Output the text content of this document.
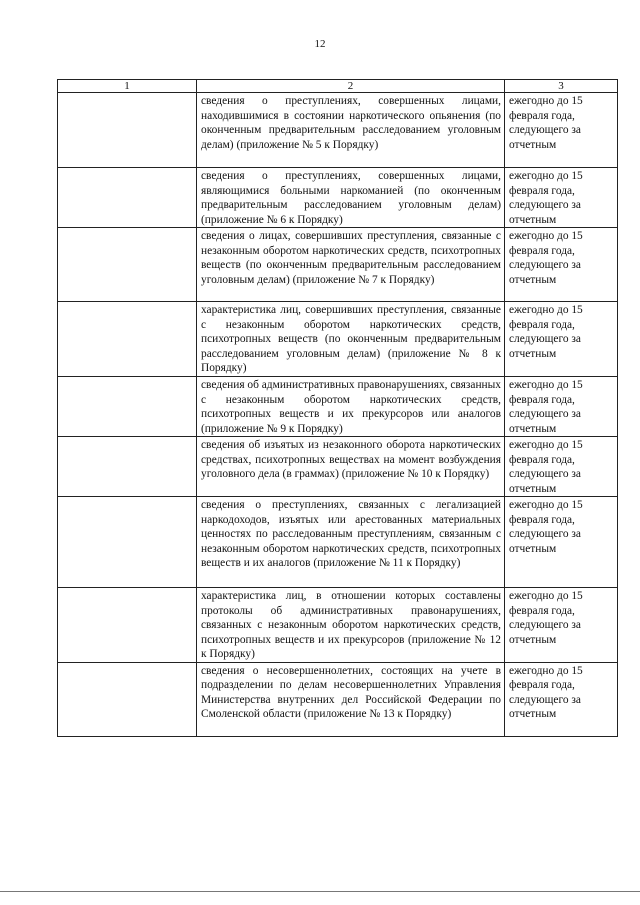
12
1	2	3
	сведения о преступлениях, совершенных лицами, находившимися в состоянии наркотического опьянения (по оконченным предварительным расследованием уголовным делам) (приложение № 5 к Порядку)	ежегодно до 15 февраля года, следующего за отчетным
	сведения о преступлениях, совершенных лицами, являющимися больными наркоманией (по оконченным предварительным расследованием уголовным делам) (приложение № 6 к Порядку)	ежегодно до 15 февраля года, следующего за отчетным
	сведения о лицах, совершивших преступления, связанные с незаконным оборотом наркотических средств, психотропных веществ (по оконченным предварительным расследованием уголовным делам) (приложение № 7 к Порядку)	ежегодно до 15 февраля года, следующего за отчетным
	характеристика лиц, совершивших преступления, связанные с незаконным оборотом наркотических средств, психотропных веществ (по оконченным предварительным расследованием уголовным делам) (приложение № 8 к Порядку)	ежегодно до 15 февраля года, следующего за отчетным
	сведения об административных правонарушениях, связанных с незаконным оборотом наркотических средств, психотропных веществ и их прекурсоров или аналогов (приложение № 9 к Порядку)	ежегодно до 15 февраля года, следующего за отчетным
	сведения об изъятых из незаконного оборота наркотических средствах, психотропных веществах на момент возбуждения уголовного дела (в граммах) (приложение № 10 к Порядку)	ежегодно до 15 февраля года, следующего за отчетным
	сведения о преступлениях, связанных с легализацией наркодоходов, изъятых или арестованных материальных ценностях по расследованным преступлениям, связанным с незаконным оборотом наркотических средств, психотропных веществ и их аналогов (приложение № 11 к Порядку)	ежегодно до 15 февраля года, следующего за отчетным
	характеристика лиц, в отношении которых составлены протоколы об административных правонарушениях, связанных с незаконным оборотом наркотических средств, психотропных веществ и их прекурсоров (приложение № 12 к Порядку)	ежегодно до 15 февраля года, следующего за отчетным
	сведения о несовершеннолетних, состоящих на учете в подразделении по делам несовершеннолетних Управления Министерства внутренних дел Российской Федерации по Смоленской области (приложение № 13 к Порядку)	ежегодно до 15 февраля года, следующего за отчетным
